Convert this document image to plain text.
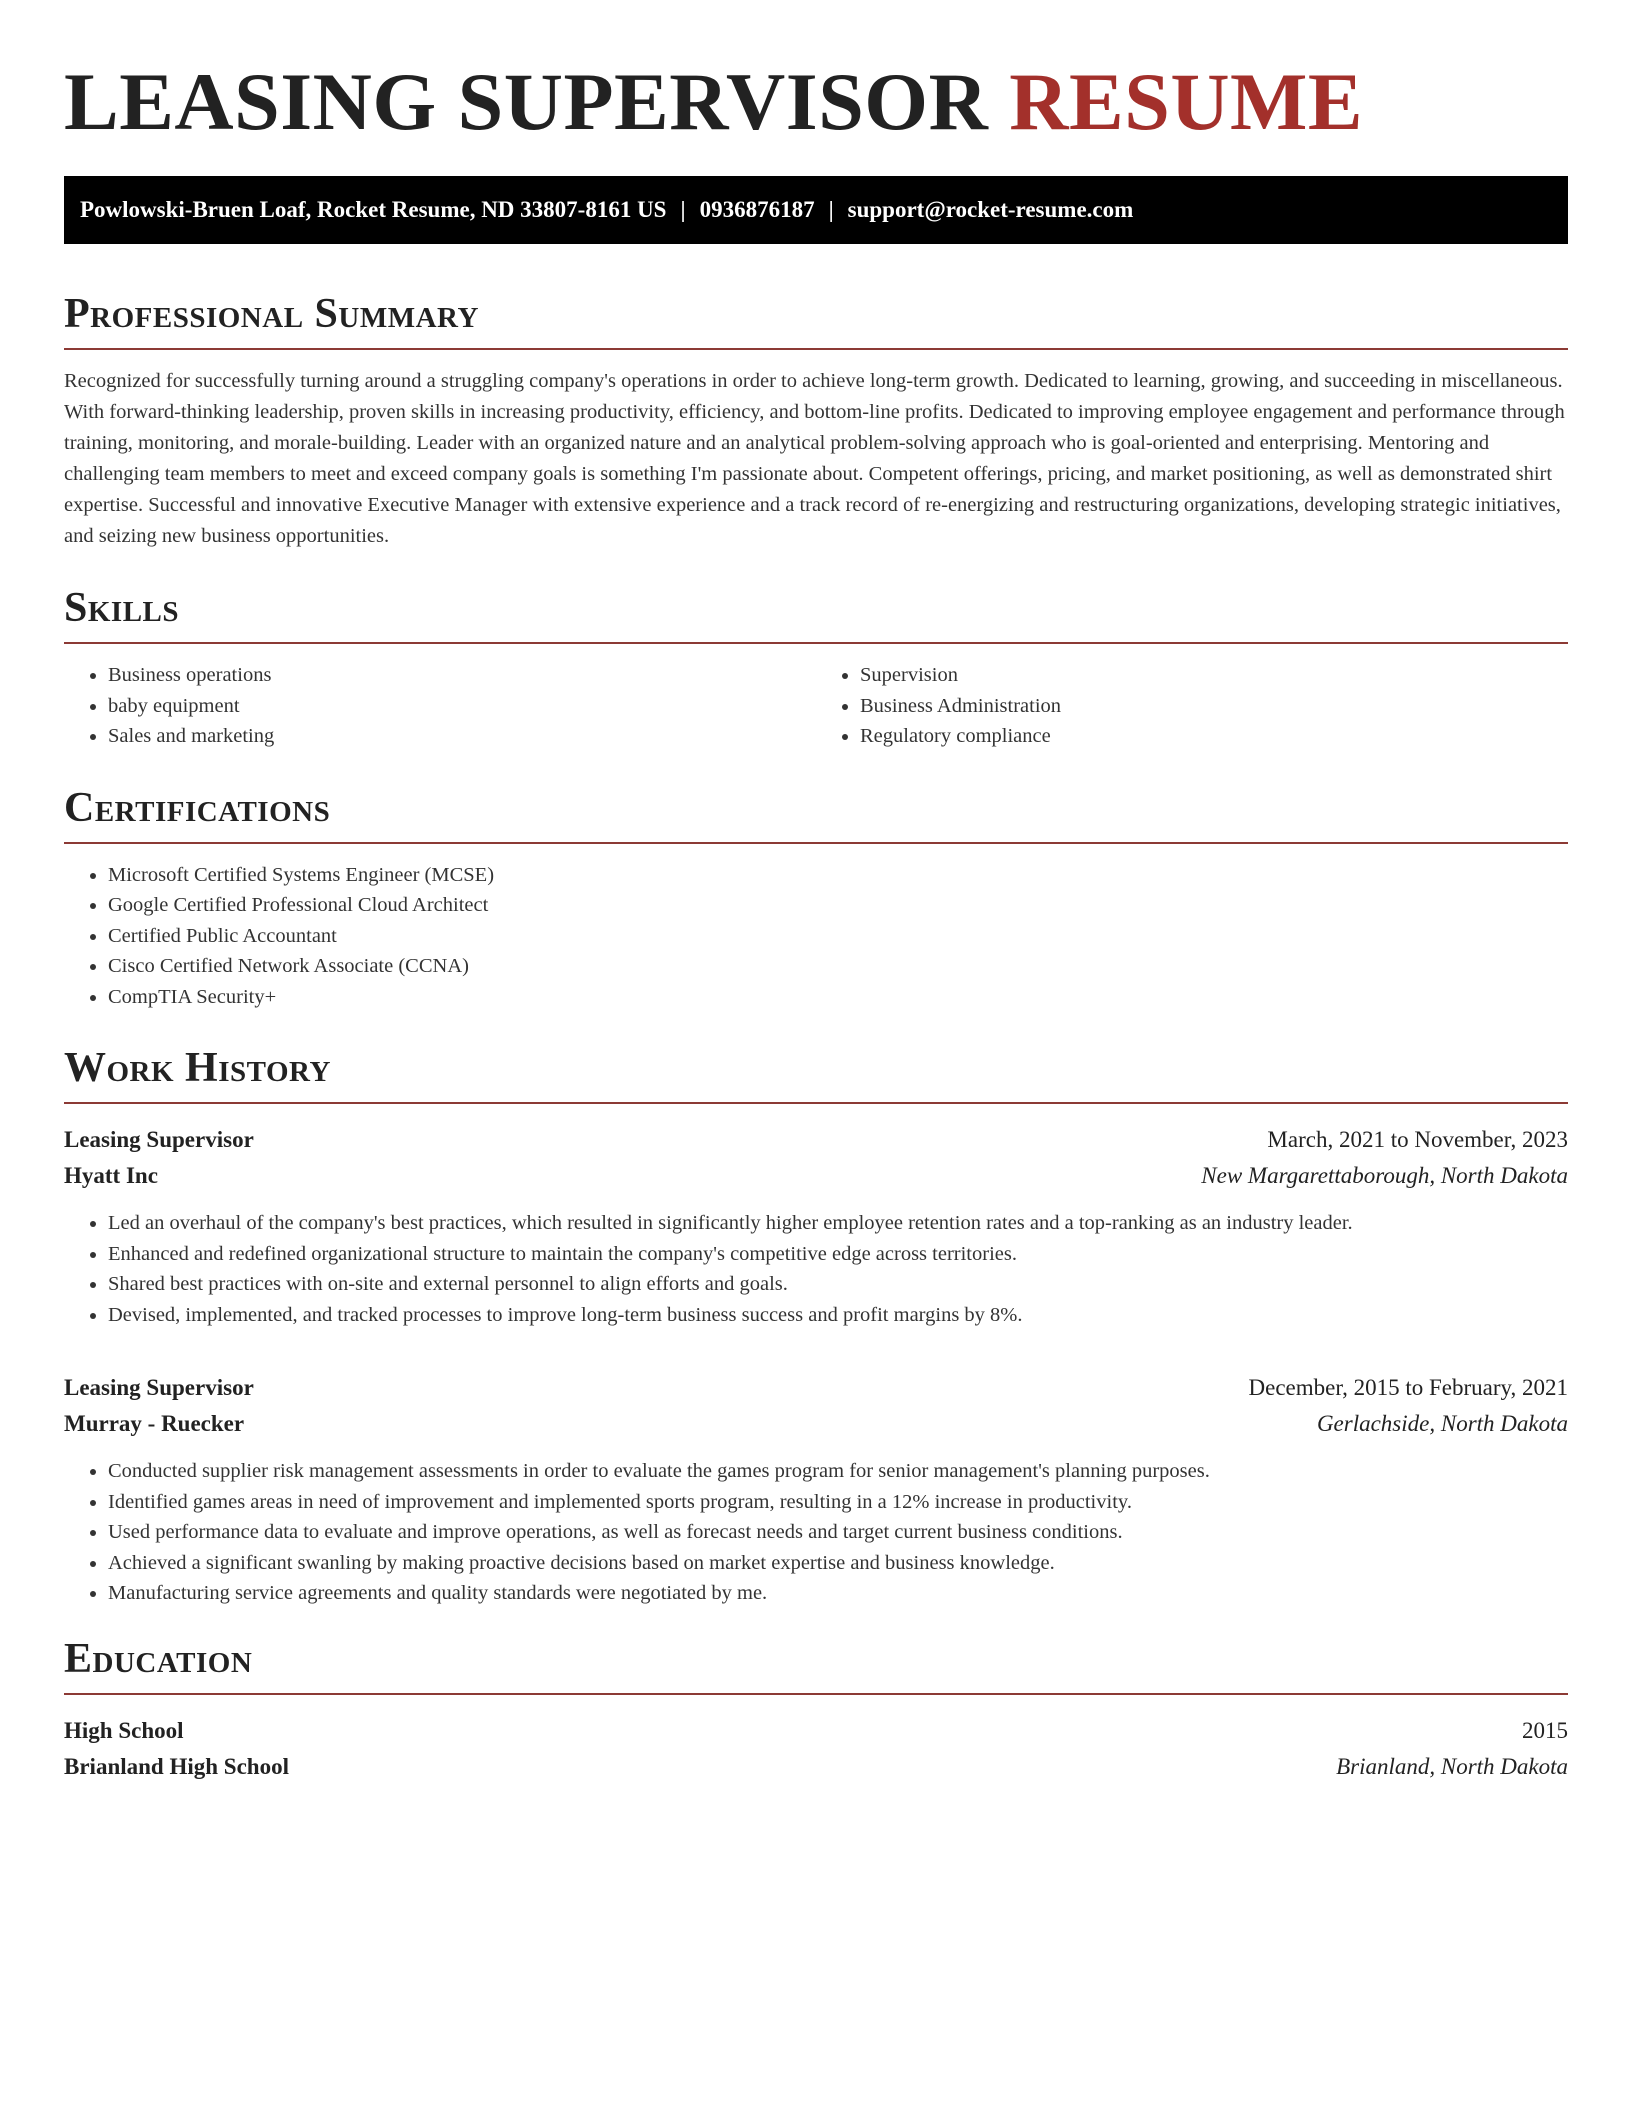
LEASING SUPERVISOR RESUME
Powlowski-Bruen Loaf, Rocket Resume, ND 33807-8161 US | 0936876187 | support@rocket-resume.com
Professional Summary

Recognized for successfully turning around a struggling company's operations in order to achieve long-term growth. Dedicated to learning, growing, and succeeding in miscellaneous. With forward-thinking leadership, proven skills in increasing productivity, efficiency, and bottom-line profits. Dedicated to improving employee engagement and performance through training, monitoring, and morale-building. Leader with an organized nature and an analytical problem-solving approach who is goal-oriented and enterprising. Mentoring and challenging team members to meet and exceed company goals is something I'm passionate about. Competent offerings, pricing, and market positioning, as well as demonstrated shirt expertise. Successful and innovative Executive Manager with extensive experience and a track record of re-energizing and restructuring organizations, developing strategic initiatives, and seizing new business opportunities.

Skills
• Business operations
• baby equipment
• Sales and marketing
• Supervision
• Business Administration
• Regulatory compliance
Certifications
• Microsoft Certified Systems Engineer (MCSE)
• Google Certified Professional Cloud Architect
• Certified Public Accountant
• Cisco Certified Network Associate (CCNA)
• CompTIA Security+
Work History
Leasing Supervisor	March, 2021 to November, 2023
Hyatt Inc	New Margarettaborough, North Dakota
• Led an overhaul of the company's best practices, which resulted in significantly higher employee retention rates and a top-ranking as an industry leader.
• Enhanced and redefined organizational structure to maintain the company's competitive edge across territories.
• Shared best practices with on-site and external personnel to align efforts and goals.
• Devised, implemented, and tracked processes to improve long-term business success and profit margins by 8%.
Leasing Supervisor	December, 2015 to February, 2021
Murray - Ruecker	Gerlachside, North Dakota
• Conducted supplier risk management assessments in order to evaluate the games program for senior management's planning purposes.
• Identified games areas in need of improvement and implemented sports program, resulting in a 12% increase in productivity.
• Used performance data to evaluate and improve operations, as well as forecast needs and target current business conditions.
• Achieved a significant swanling by making proactive decisions based on market expertise and business knowledge.
• Manufacturing service agreements and quality standards were negotiated by me.
Education
High School	2015
Brianland High School	Brianland, North Dakota
